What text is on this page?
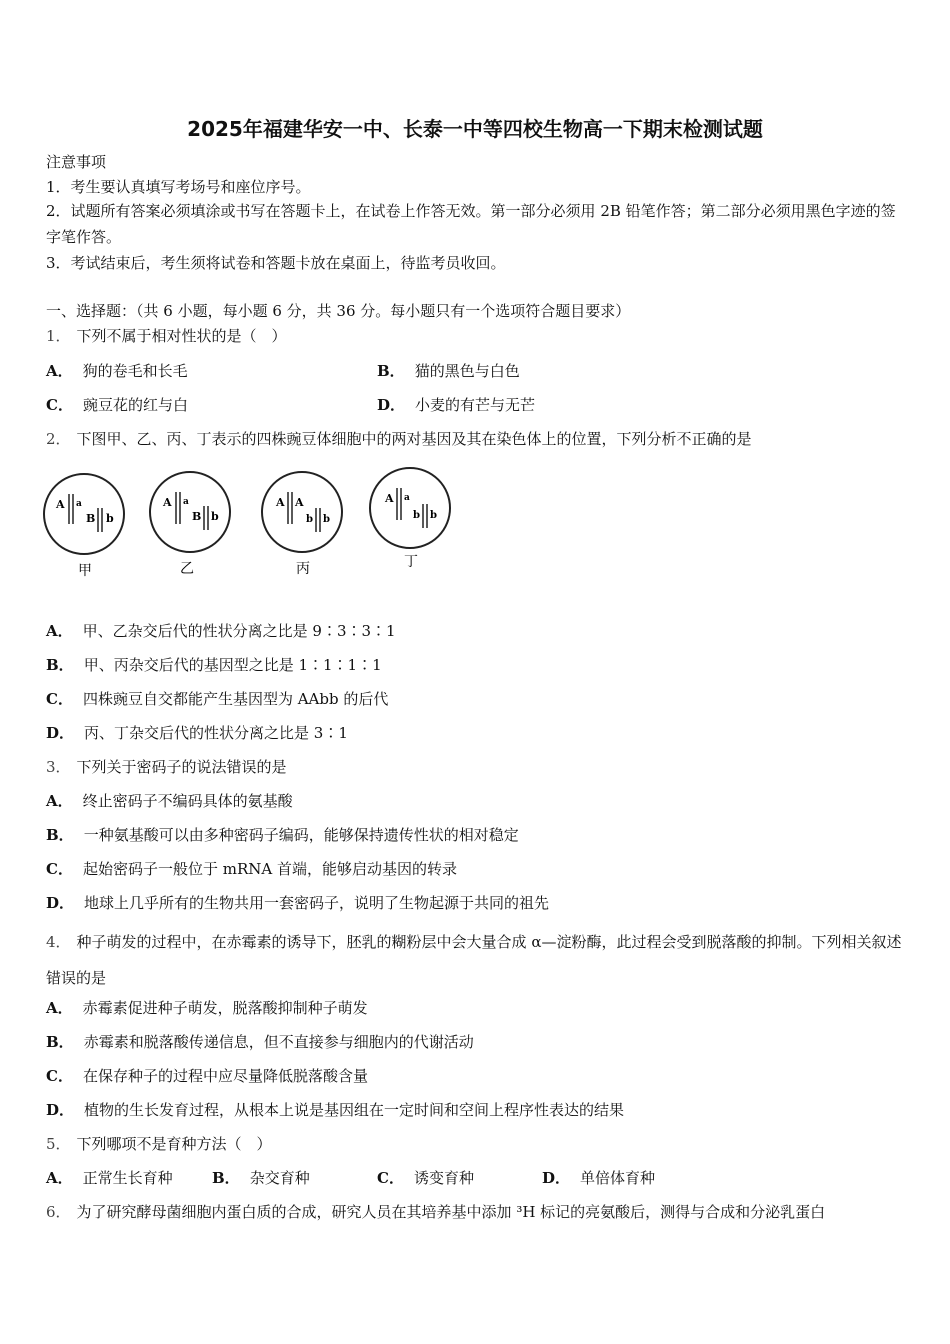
2025年福建华安一中、长泰一中等四校生物高一下期末检测试题
注意事项
1．考生要认真填写考场号和座位序号。
2．试题所有答案必须填涂或书写在答题卡上，在试卷上作答无效。第一部分必须用 2B 铅笔作答；第二部分必须用黑色字迹的签字笔作答。
3．考试结束后，考生须将试卷和答题卡放在桌面上，待监考员收回。
一、选择题：（共 6 小题，每小题 6 分，共 36 分。每小题只有一个选项符合题目要求）
1． 下列不属于相对性状的是（　）
A． 狗的卷毛和长毛	B． 猫的黑色与白色
C． 豌豆花的红与白	D． 小麦的有芒与无芒
2． 下图甲、乙、丙、丁表示的四株豌豆体细胞中的两对基因及其在染色体上的位置，下列分析不正确的是
A a
B b
甲
A a
B b
乙
A A
b b
丙
A a
b b
丁
A． 甲、乙杂交后代的性状分离之比是 9∶3∶3∶1
B． 甲、丙杂交后代的基因型之比是 1∶1∶1∶1
C． 四株豌豆自交都能产生基因型为 AAbb 的后代
D． 丙、丁杂交后代的性状分离之比是 3∶1
3． 下列关于密码子的说法错误的是
A． 终止密码子不编码具体的氨基酸
B． 一种氨基酸可以由多种密码子编码，能够保持遗传性状的相对稳定
C． 起始密码子一般位于 mRNA 首端，能够启动基因的转录
D． 地球上几乎所有的生物共用一套密码子，说明了生物起源于共同的祖先
4． 种子萌发的过程中，在赤霉素的诱导下，胚乳的糊粉层中会大量合成 α—淀粉酶，此过程会受到脱落酸的抑制。下列相关叙述错误的是
A． 赤霉素促进种子萌发，脱落酸抑制种子萌发
B． 赤霉素和脱落酸传递信息，但不直接参与细胞内的代谢活动
C． 在保存种子的过程中应尽量降低脱落酸含量
D． 植物的生长发育过程，从根本上说是基因组在一定时间和空间上程序性表达的结果
5． 下列哪项不是育种方法（　）
A． 正常生长育种	B． 杂交育种	C． 诱变育种	D． 单倍体育种
6． 为了研究酵母菌细胞内蛋白质的合成，研究人员在其培养基中添加 ³H 标记的亮氨酸后，测得与合成和分泌乳蛋白
